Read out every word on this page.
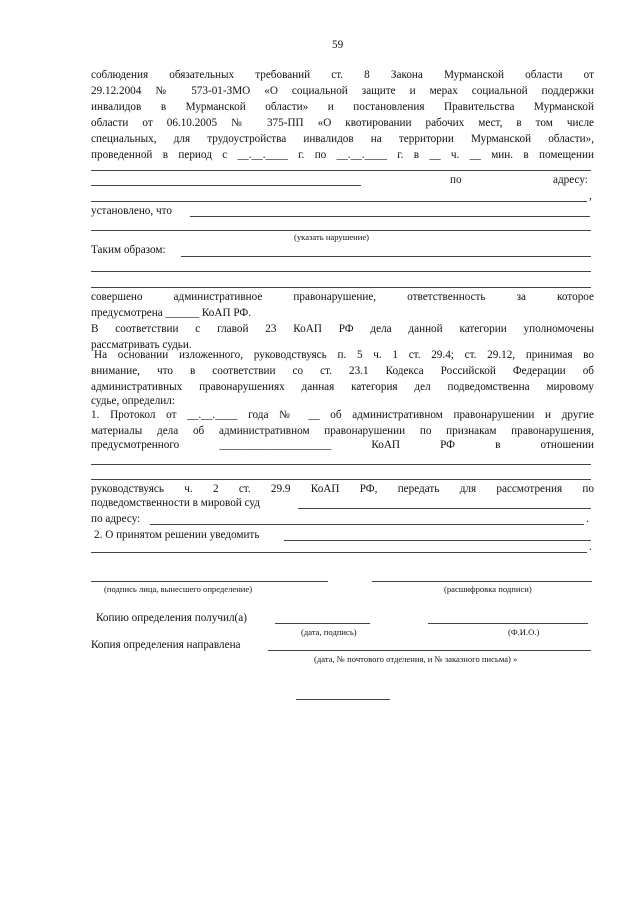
59
соблюдения обязательных требований ст. 8 Закона Мурманской области от
29.12.2004 № 573-01-ЗМО «О социальной защите и мерах социальной поддержки
инвалидов в Мурманской области» и постановления Правительства Мурманской
области от 06.10.2005 № 375-ПП «О квотировании рабочих мест, в том числе
специальных, для трудоустройства инвалидов на территории Мурманской области»,
проведенной в период с __.__.____ г. по __.__.____ г. в __ ч. __ мин. в помещении
по	адресу:
,
установлено, что
(указать нарушение)
Таким образом:
совершено административное правонарушение, ответственность за которое
предусмотрена ______ КоАП РФ.
В соответствии с главой 23 КоАП РФ дела данной категории уполномочены
рассматривать судьи.
На основании изложенного, руководствуясь п. 5 ч. 1 ст. 29.4; ст. 29.12, принимая во
внимание, что в соответствии со ст. 23.1 Кодекса Российской Федерации об
административных правонарушениях данная категория дел подведомственна мировому
судье, определил:
1. Протокол от __.__.____ года № __ об административном правонарушении и другие
материалы дела об административном правонарушении по признакам правонарушения,
предусмотренного ____________________ КоАП РФ в отношении
руководствуясь ч. 2 ст. 29.9 КоАП РФ, передать для рассмотрения по
подведомственности в мировой суд
по адресу:	.
2. О принятом решении уведомить
.
(подпись лица, вынесшего определение)	(расшифровка подписи)
Копию определения получил(а)
(дата, подпись)	(Ф.И.О.)
Копия определения направлена
(дата, № почтового отделения, и № заказного письма) »
